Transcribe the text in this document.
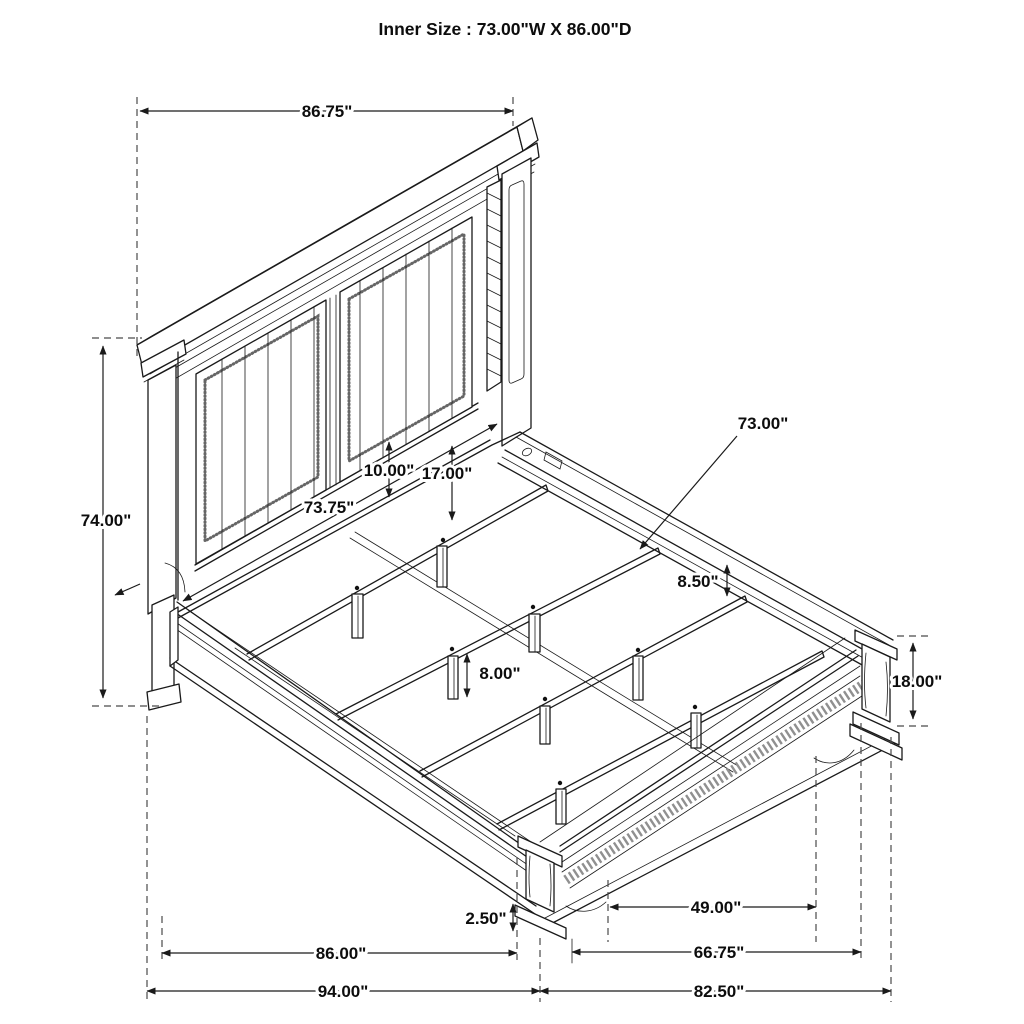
86.75"
74.00"
73.75"
10.00" 17.00"
73.00"
8.50"
8.00"	18.00"
2.50"
49.00"
66.75"
86.00"
94.00"	82.50"
Inner Size : 73.00"W X 86.00"D
